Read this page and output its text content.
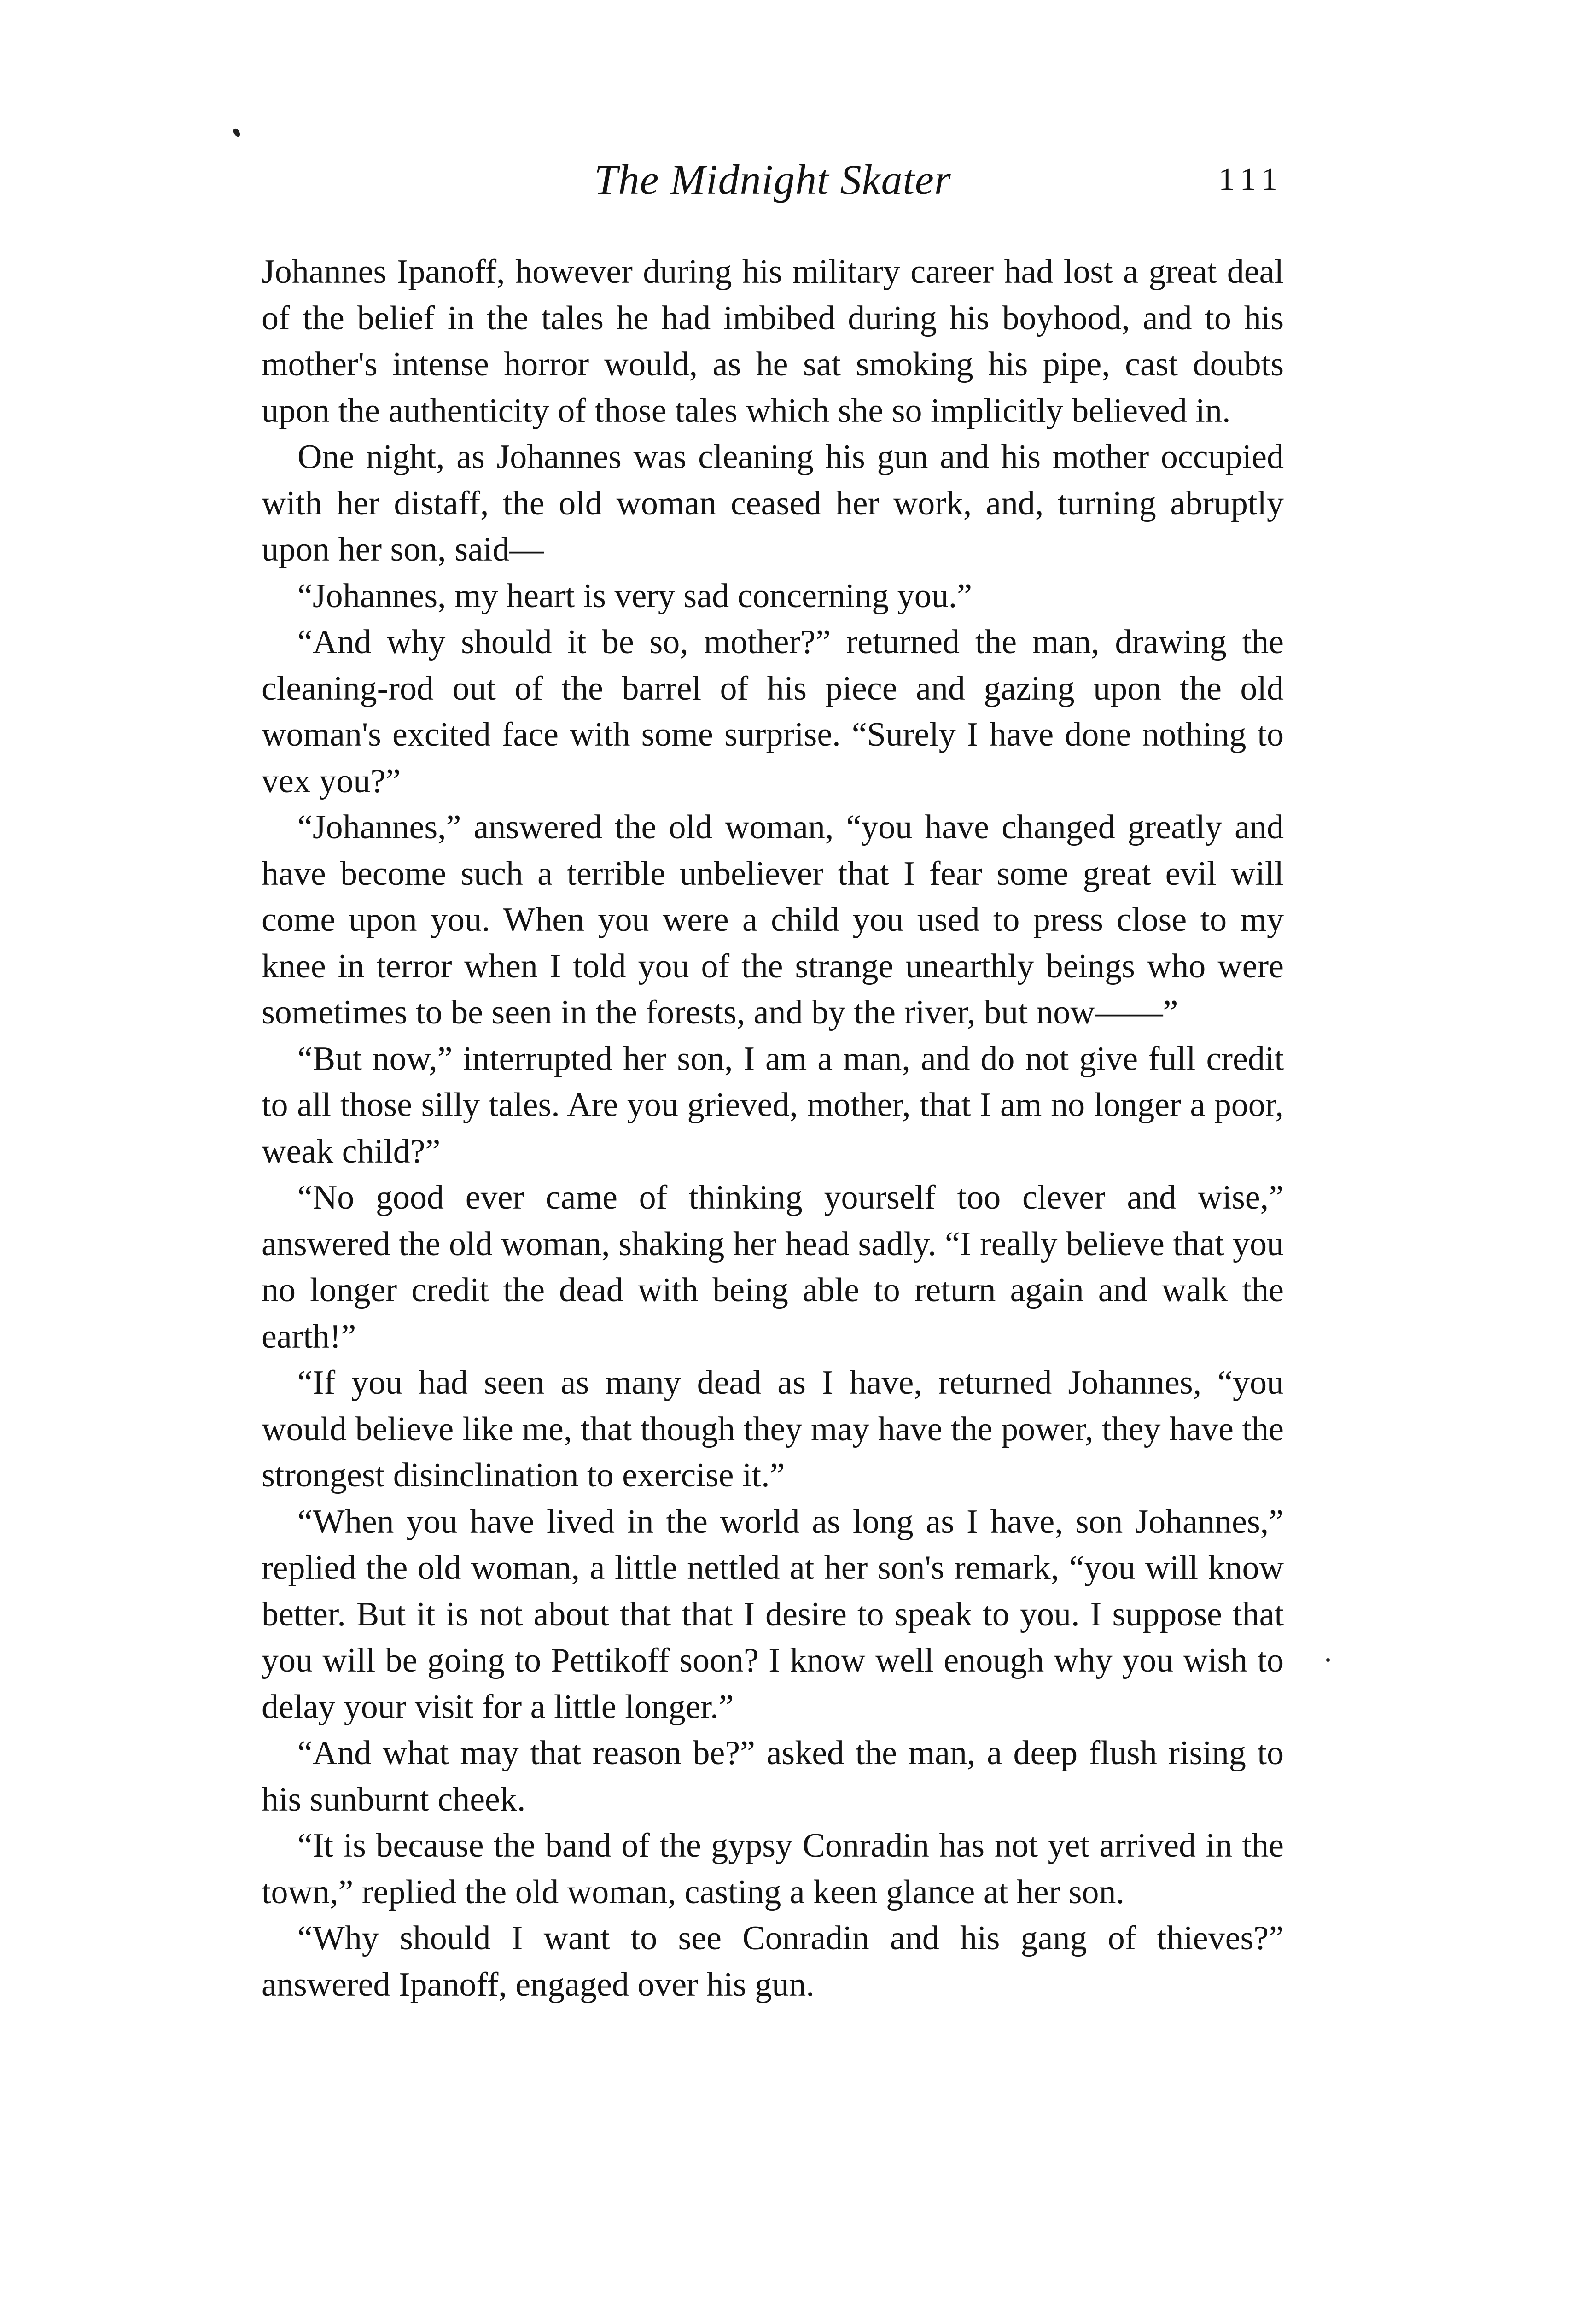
The Midnight Skater	111

Johannes Ipanoff, however during his military career had lost a great deal of the belief in the tales he had imbibed during his boyhood, and to his mother's intense horror would, as he sat smoking his pipe, cast doubts upon the authenticity of those tales which she so implicitly believed in.

One night, as Johannes was cleaning his gun and his mother occupied with her distaff, the old woman ceased her work, and, turning abruptly upon her son, said—

“Johannes, my heart is very sad concerning you.”

“And why should it be so, mother?” returned the man, drawing the cleaning-rod out of the barrel of his piece and gazing upon the old woman's excited face with some surprise. “Surely I have done nothing to vex you?”

“Johannes,” answered the old woman, “you have changed greatly and have become such a terrible unbeliever that I fear some great evil will come upon you. When you were a child you used to press close to my knee in terror when I told you of the strange unearthly beings who were sometimes to be seen in the forests, and by the river, but now——”

“But now,” interrupted her son, I am a man, and do not give full credit to all those silly tales. Are you grieved, mother, that I am no longer a poor, weak child?”

“No good ever came of thinking yourself too clever and wise,” answered the old woman, shaking her head sadly. “I really believe that you no longer credit the dead with being able to return again and walk the earth!”

“If you had seen as many dead as I have, returned Johannes, “you would believe like me, that though they may have the power, they have the strongest disinclination to exercise it.”

“When you have lived in the world as long as I have, son Johannes,” replied the old woman, a little nettled at her son's remark, “you will know better. But it is not about that that I desire to speak to you. I suppose that you will be going to Pettikoff soon? I know well enough why you wish to delay your visit for a little longer.”

“And what may that reason be?” asked the man, a deep flush rising to his sunburnt cheek.

“It is because the band of the gypsy Conradin has not yet arrived in the town,” replied the old woman, casting a keen glance at her son.

“Why should I want to see Conradin and his gang of thieves?” answered Ipanoff, engaged over his gun.
